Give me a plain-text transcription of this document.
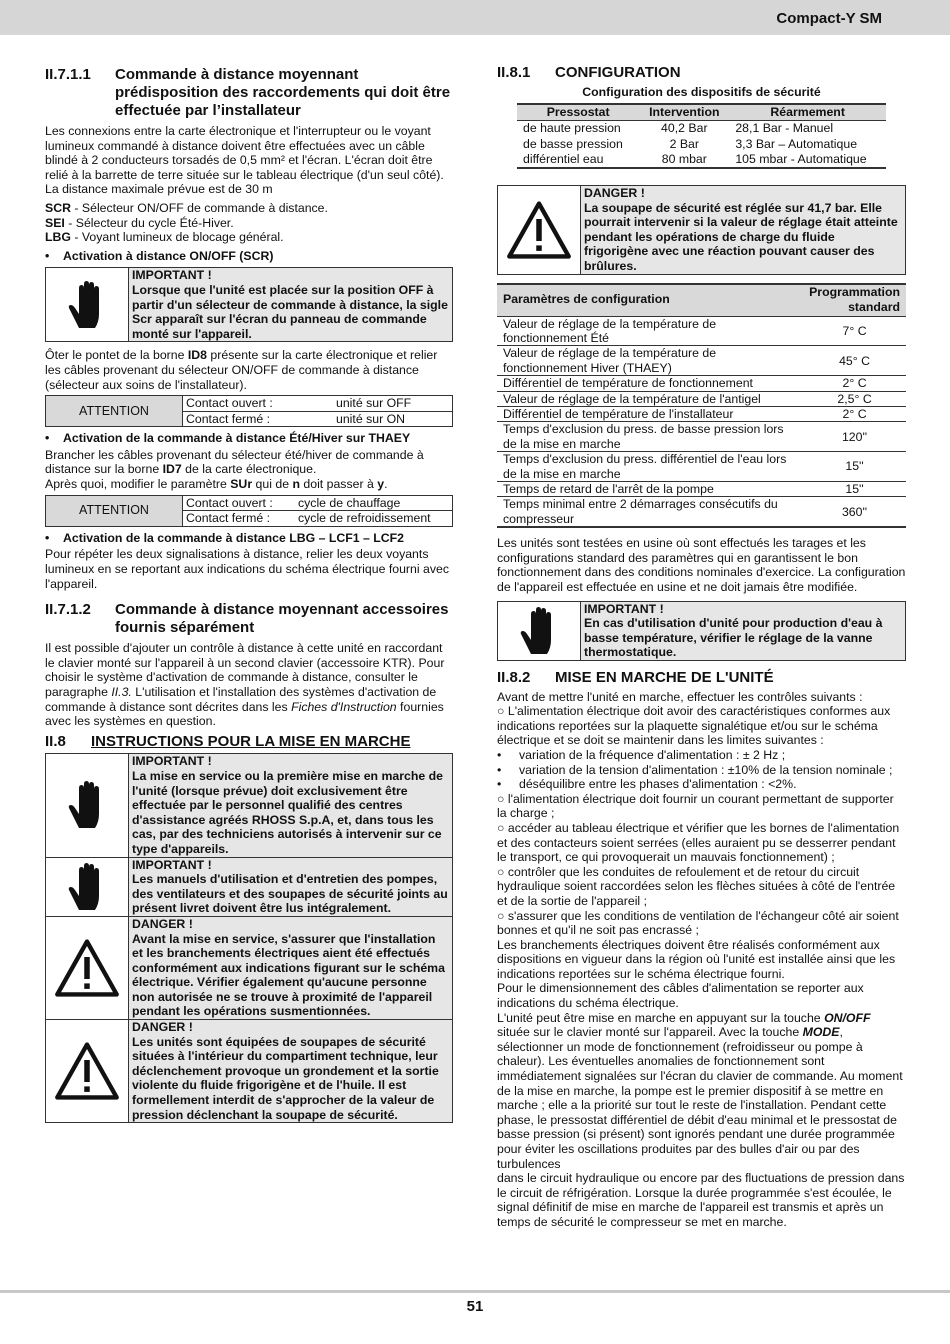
Compact-Y SM
II.7.1.1	Commande à distance moyennant prédisposition des raccordements qui doit être effectuée par l’installateur

Les connexions entre la carte électronique et l'interrupteur ou le voyant lumineux commandé à distance doivent être effectuées avec un câble blindé à 2 conducteurs torsadés de 0,5 mm² et l'écran. L'écran doit être relié à la barrette de terre située sur le tableau électrique (d'un seul côté). La distance maximale prévue est de 30 m

SCR - Sélecteur ON/OFF de commande à distance.

SEI - Sélecteur du cycle Été-Hiver.

LBG - Voyant lumineux de blocage général.

•	Activation à distance ON/OFF (SCR)
IMPORTANT !
Lorsque que l'unité est placée sur la position OFF à partir d'un sélecteur de commande à distance, la sigle Scr apparaît sur l'écran du panneau de commande monté sur l'appareil.

Ôter le pontet de la borne ID8 présente sur la carte électronique et relier les câbles provenant du sélecteur ON/OFF de commande à distance (sélecteur aux soins de l'installateur).

ATTENTION
Contact ouvert :	unité sur OFF
Contact fermé :	unité sur ON
•	Activation de la commande à distance Été/Hiver sur THAEY

Brancher les câbles provenant du sélecteur été/hiver de commande à distance sur la borne ID7 de la carte électronique.

Après quoi, modifier le paramètre SUr qui de n doit passer à y.

ATTENTION
Contact ouvert :	cycle de chauffage
Contact fermé :	cycle de refroidissement
•	Activation de la commande à distance LBG – LCF1 – LCF2

Pour répéter les deux signalisations à distance, relier les deux voyants lumineux en se reportant aux indications du schéma électrique fourni avec l'appareil.

II.7.1.2	Commande à distance moyennant accessoires fournis séparément

Il est possible d'ajouter un contrôle à distance à cette unité en raccordant le clavier monté sur l'appareil à un second clavier (accessoire KTR). Pour choisir le système d'activation de commande à distance, consulter le paragraphe II.3. L'utilisation et l'installation des systèmes d'activation de commande à distance sont décrites dans les Fiches d'Instruction fournies avec les systèmes en question.

II.8	INSTRUCTIONS POUR LA MISE EN MARCHE
IMPORTANT !
La mise en service ou la première mise en marche de l'unité (lorsque prévue) doit exclusivement être effectuée par le personnel qualifié des centres d'assistance agréés RHOSS S.p.A, et, dans tous les cas, par des techniciens autorisés à intervenir sur ce type d'appareils.
IMPORTANT !
Les manuels d'utilisation et d'entretien des pompes, des ventilateurs et des soupapes de sécurité joints au présent livret doivent être lus intégralement.
DANGER !
Avant la mise en service, s'assurer que l'installation et les branchements électriques aient été effectués conformément aux indications figurant sur le schéma électrique. Vérifier également qu'aucune personne non autorisée ne se trouve à proximité de l'appareil pendant les opérations susmentionnées.
DANGER !
Les unités sont équipées de soupapes de sécurité situées à l'intérieur du compartiment technique, leur déclenchement provoque un grondement et la sortie violente du fluide frigorigène et de l'huile. Il est formellement interdit de s'approcher de la valeur de pression déclenchant la soupape de sécurité.
II.8.1	CONFIGURATION
Configuration des dispositifs de sécurité
Pressostat	Intervention	Réarmement
de haute pression	40,2 Bar	28,1 Bar - Manuel
de basse pression	2 Bar	3,3 Bar – Automatique
différentiel eau	80 mbar	105 mbar - Automatique
DANGER !
La soupape de sécurité est réglée sur 41,7 bar. Elle pourrait intervenir si la valeur de réglage était atteinte pendant les opérations de charge du fluide frigorigène avec une réaction pouvant causer des brûlures.
Paramètres de configuration	Programmation standard
Valeur de réglage de la température de fonctionnement Été	7° C
Valeur de réglage de la température de fonctionnement Hiver (THAEY)	45° C
Différentiel de température de fonctionnement	2° C
Valeur de réglage de la température de l'antigel	2,5° C
Différentiel de température de l'installateur	2° C
Temps d'exclusion du press. de basse pression lors de la mise en marche	120''
Temps d'exclusion du press. différentiel de l'eau lors de la mise en marche	15''
Temps de retard de l'arrêt de la pompe	15''
Temps minimal entre 2 démarrages consécutifs du compresseur	360''

Les unités sont testées en usine où sont effectués les tarages et les configurations standard des paramètres qui en garantissent le bon fonctionnement dans des conditions nominales d'exercice. La configuration de l'appareil est effectuée en usine et ne doit jamais être modifiée.

IMPORTANT !
En cas d'utilisation d'unité pour production d'eau à basse température, vérifier le réglage de la vanne thermostatique.
II.8.2	MISE EN MARCHE DE L'UNITÉ

Avant de mettre l'unité en marche, effectuer les contrôles suivants :

○ L'alimentation électrique doit avoir des caractéristiques conformes aux indications reportées sur la plaquette signalétique et/ou sur le schéma électrique et se doit se maintenir dans les limites suivantes :

•	variation de la fréquence d'alimentation : ± 2 Hz ;
•	variation de la tension d'alimentation : ±10% de la tension nominale ;
•	déséquilibre entre les phases d'alimentation : <2%.

○ l'alimentation électrique doit fournir un courant permettant de supporter la charge ;

○ accéder au tableau électrique et vérifier que les bornes de l'alimentation et des contacteurs soient serrées (elles auraient pu se desserrer pendant le transport, ce qui provoquerait un mauvais fonctionnement) ;

○ contrôler que les conduites de refoulement et de retour du circuit hydraulique soient raccordées selon les flèches situées à côté de l'entrée et de la sortie de l'appareil ;

○ s'assurer que les conditions de ventilation de l'échangeur côté air soient bonnes et qu'il ne soit pas encrassé ;

Les branchements électriques doivent être réalisés conformément aux dispositions en vigueur dans la région où l'unité est installée ainsi que les indications reportées sur le schéma électrique fourni.

Pour le dimensionnement des câbles d'alimentation se reporter aux indications du schéma électrique.

L'unité peut être mise en marche en appuyant sur la touche ON/OFF située sur le clavier monté sur l'appareil. Avec la touche MODE, sélectionner un mode de fonctionnement (refroidisseur ou pompe à chaleur). Les éventuelles anomalies de fonctionnement sont immédiatement signalées sur l'écran du clavier de commande. Au moment de la mise en marche, la pompe est le premier dispositif à se mettre en marche ; elle a la priorité sur tout le reste de l'installation. Pendant cette phase, le pressostat différentiel de débit d'eau minimal et le pressostat de basse pression (si présent) sont ignorés pendant une durée programmée pour éviter les oscillations produites par des bulles d'air ou par des turbulences

dans le circuit hydraulique ou encore par des fluctuations de pression dans le circuit de réfrigération. Lorsque la durée programmée s'est écoulée, le signal définitif de mise en marche de l'appareil est transmis et après un temps de sécurité le compresseur se met en marche.

51
